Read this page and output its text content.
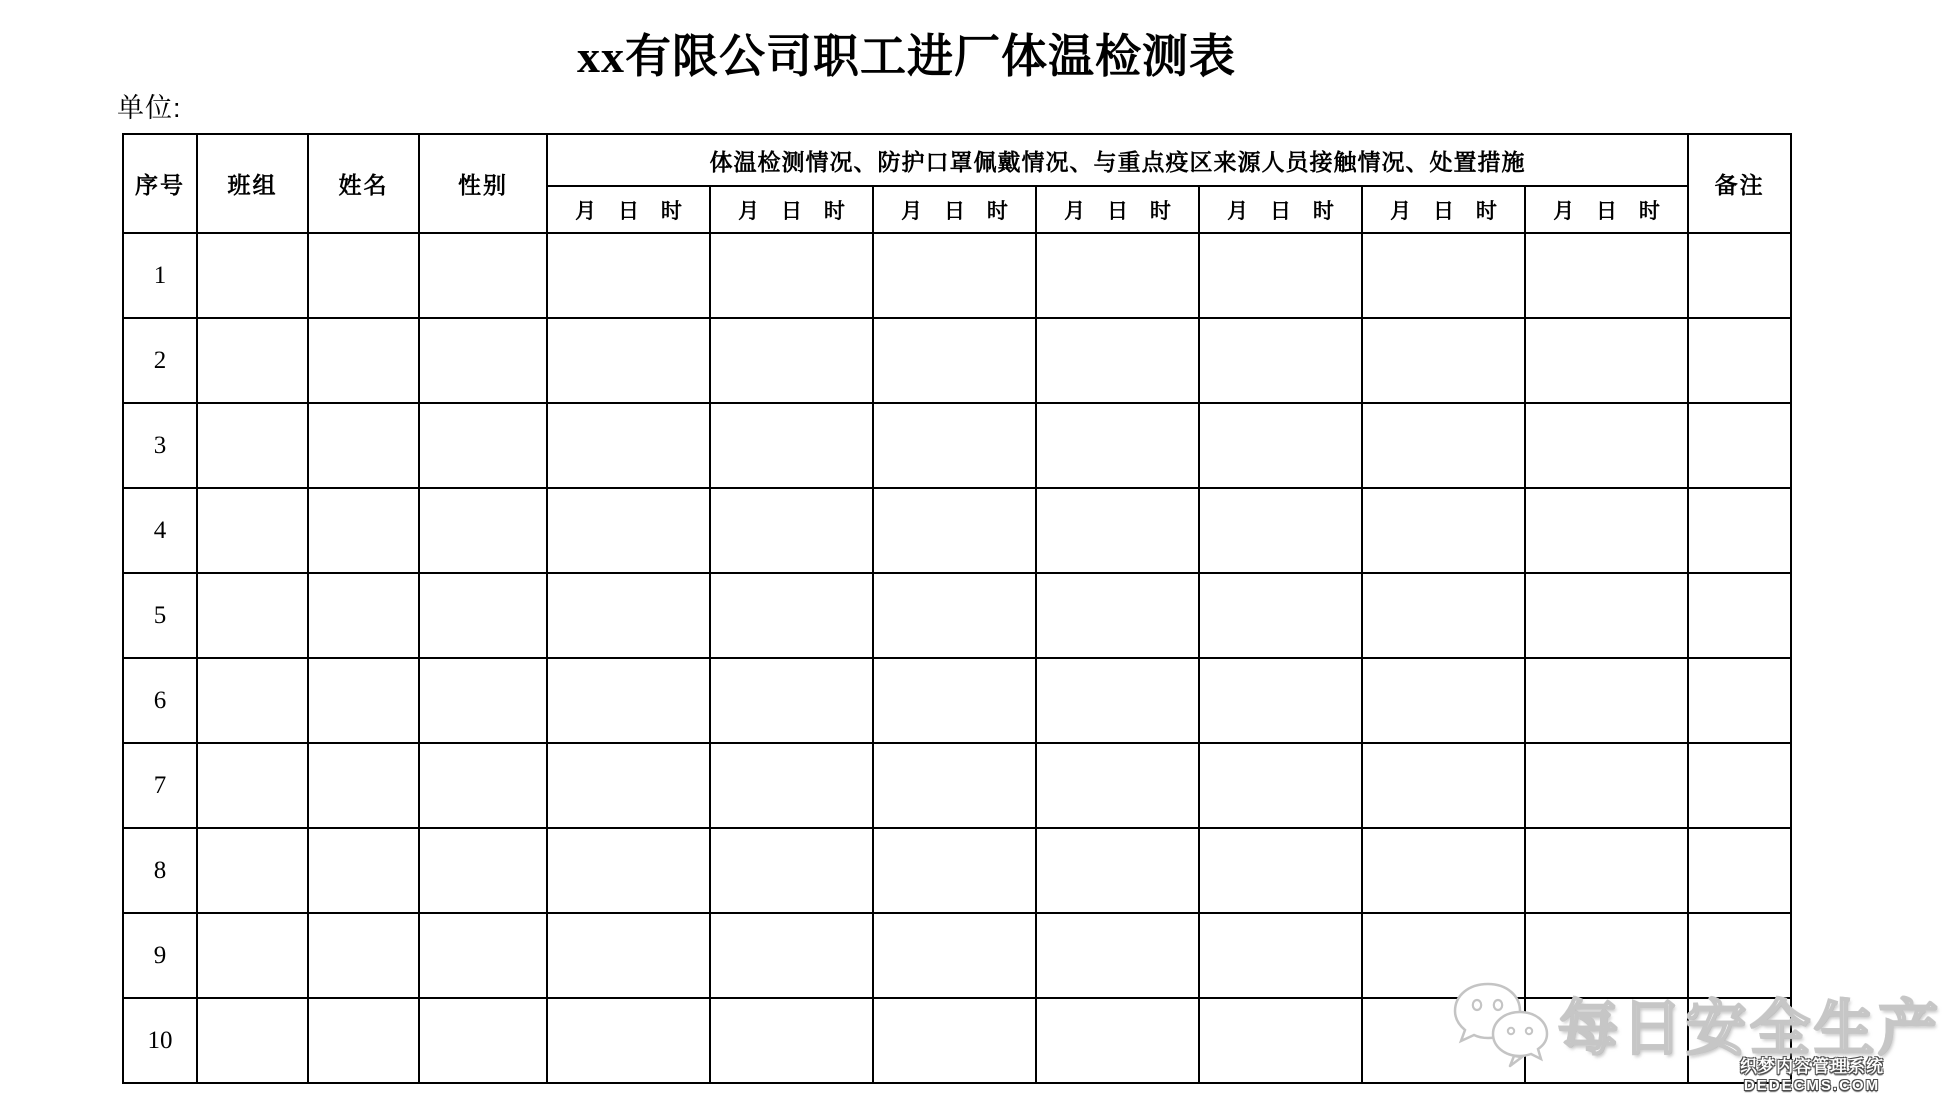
xx有限公司职工进厂体温检测表
单位:
序号	班组	姓名	性别	体温检测情况、防护口罩佩戴情况、与重点疫区来源人员接触情况、处置措施							备注
				月 日 时	月 日 时	月 日 时	月 日 时	月 日 时	月 日 时	月 日 时	
1											
2											
3											
4											
5											
6											
7											
8											
9											
10												每日安全生产
织梦内容管理系统
DEDECMS.COM
